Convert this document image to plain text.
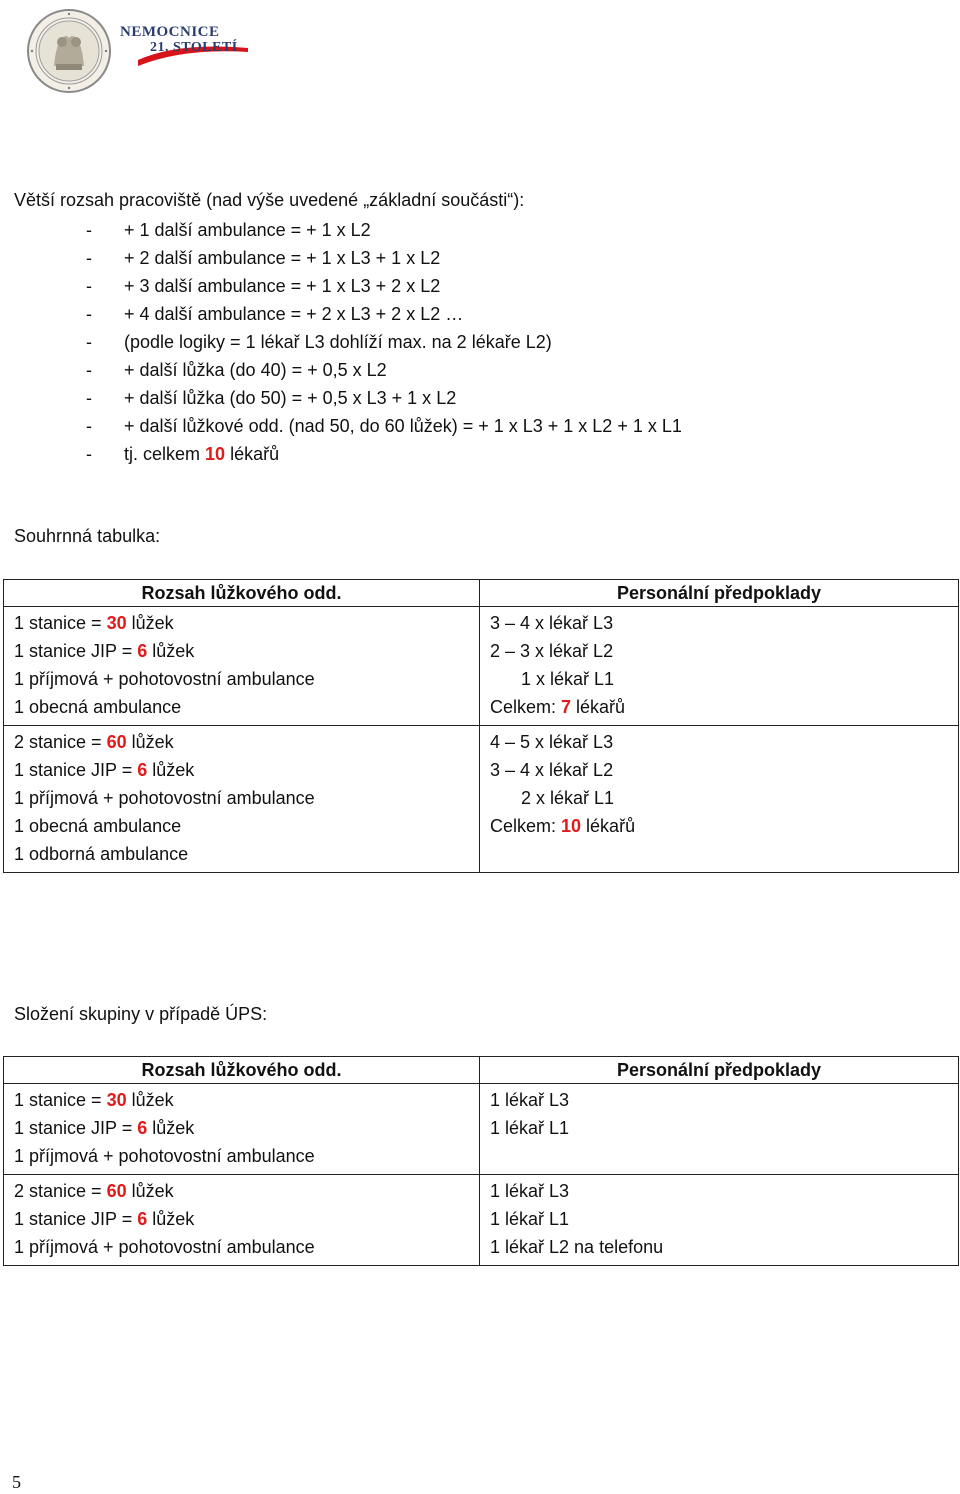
NEMOCNICE
21. STOLETÍ

Větší rozsah pracoviště (nad výše uvedené „základní součásti“):

- + 1 další ambulance = + 1 x L2
- + 2 další ambulance = + 1 x L3 + 1 x L2
- + 3 další ambulance = + 1 x L3 + 2 x L2
- + 4 další ambulance = + 2 x L3 + 2 x L2 …
- (podle logiky = 1 lékař L3 dohlíží max. na 2 lékaře L2)
- + další lůžka (do 40) = + 0,5 x L2
- + další lůžka (do 50) = + 0,5 x L3 + 1 x L2
- + další lůžkové odd. (nad 50, do 60 lůžek) = + 1 x L3 + 1 x L2 + 1 x L1
- tj. celkem 10 lékařů

Souhrnná tabulka:

Rozsah lůžkového odd.	Personální předpoklady

1 stanice = 30 lůžek
1 stanice JIP = 6 lůžek
1 příjmová + pohotovostní ambulance
1 obecná ambulance	3 – 4 x lékař L3
2 – 3 x lékař L2
1 x lékař L1
Celkem: 7 lékařů

2 stanice = 60 lůžek
1 stanice JIP = 6 lůžek
1 příjmová + pohotovostní ambulance
1 obecná ambulance
1 odborná ambulance	4 – 5 x lékař L3
3 – 4 x lékař L2
2 x lékař L1
Celkem: 10 lékařů

Složení skupiny v případě ÚPS:

Rozsah lůžkového odd.	Personální předpoklady

1 stanice = 30 lůžek
1 stanice JIP = 6 lůžek
1 příjmová + pohotovostní ambulance	1 lékař L3
1 lékař L1

2 stanice = 60 lůžek
1 stanice JIP = 6 lůžek
1 příjmová + pohotovostní ambulance	1 lékař L3
1 lékař L1
1 lékař L2 na telefonu
5
